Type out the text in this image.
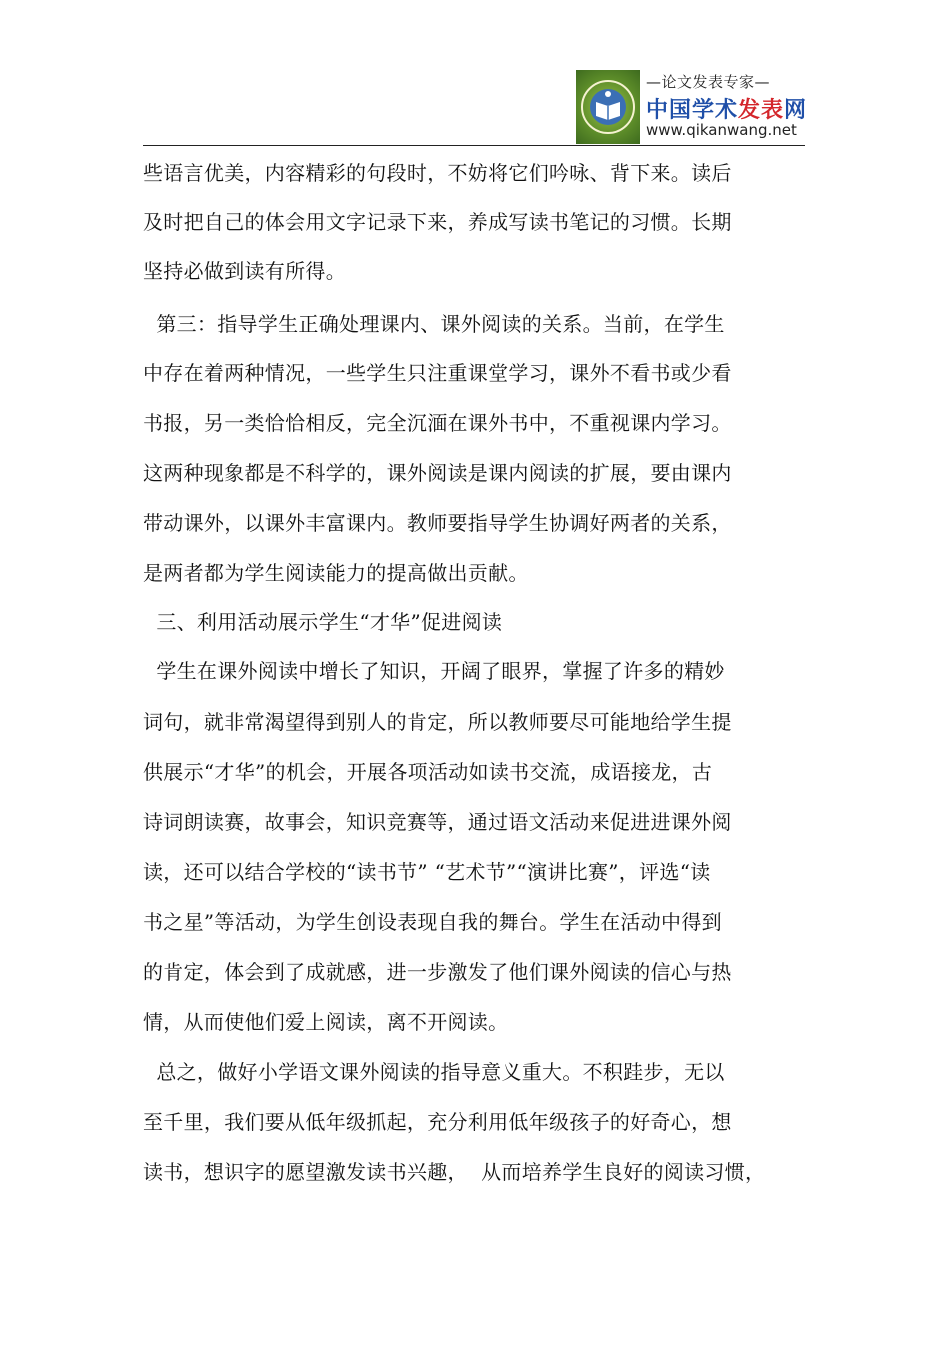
—论文发表专家—
中国学术发表网
www.qikanwang.net
些语言优美，内容精彩的句段时，不妨将它们吟咏、背下来。读后
及时把自己的体会用文字记录下来，养成写读书笔记的习惯。长期
坚持必做到读有所得。
第三：指导学生正确处理课内、课外阅读的关系。当前，在学生
中存在着两种情况，一些学生只注重课堂学习，课外不看书或少看
书报，另一类恰恰相反，完全沉湎在课外书中，不重视课内学习。
这两种现象都是不科学的，课外阅读是课内阅读的扩展，要由课内
带动课外，以课外丰富课内。教师要指导学生协调好两者的关系，
是两者都为学生阅读能力的提高做出贡献。
三、利用活动展示学生“才华”促进阅读
学生在课外阅读中增长了知识，开阔了眼界，掌握了许多的精妙
词句，就非常渴望得到别人的肯定，所以教师要尽可能地给学生提
供展示“才华”的机会，开展各项活动如读书交流，成语接龙，古
诗词朗读赛，故事会，知识竞赛等，通过语文活动来促进进课外阅
读，还可以结合学校的“读书节” “艺术节”“演讲比赛”，评选“读
书之星”等活动，为学生创设表现自我的舞台。学生在活动中得到
的肯定，体会到了成就感，进一步激发了他们课外阅读的信心与热
情，从而使他们爱上阅读，离不开阅读。
总之，做好小学语文课外阅读的指导意义重大。不积跬步，无以
至千里，我们要从低年级抓起，充分利用低年级孩子的好奇心，想
读书，想识字的愿望激发读书兴趣，  从而培养学生良好的阅读习惯，
